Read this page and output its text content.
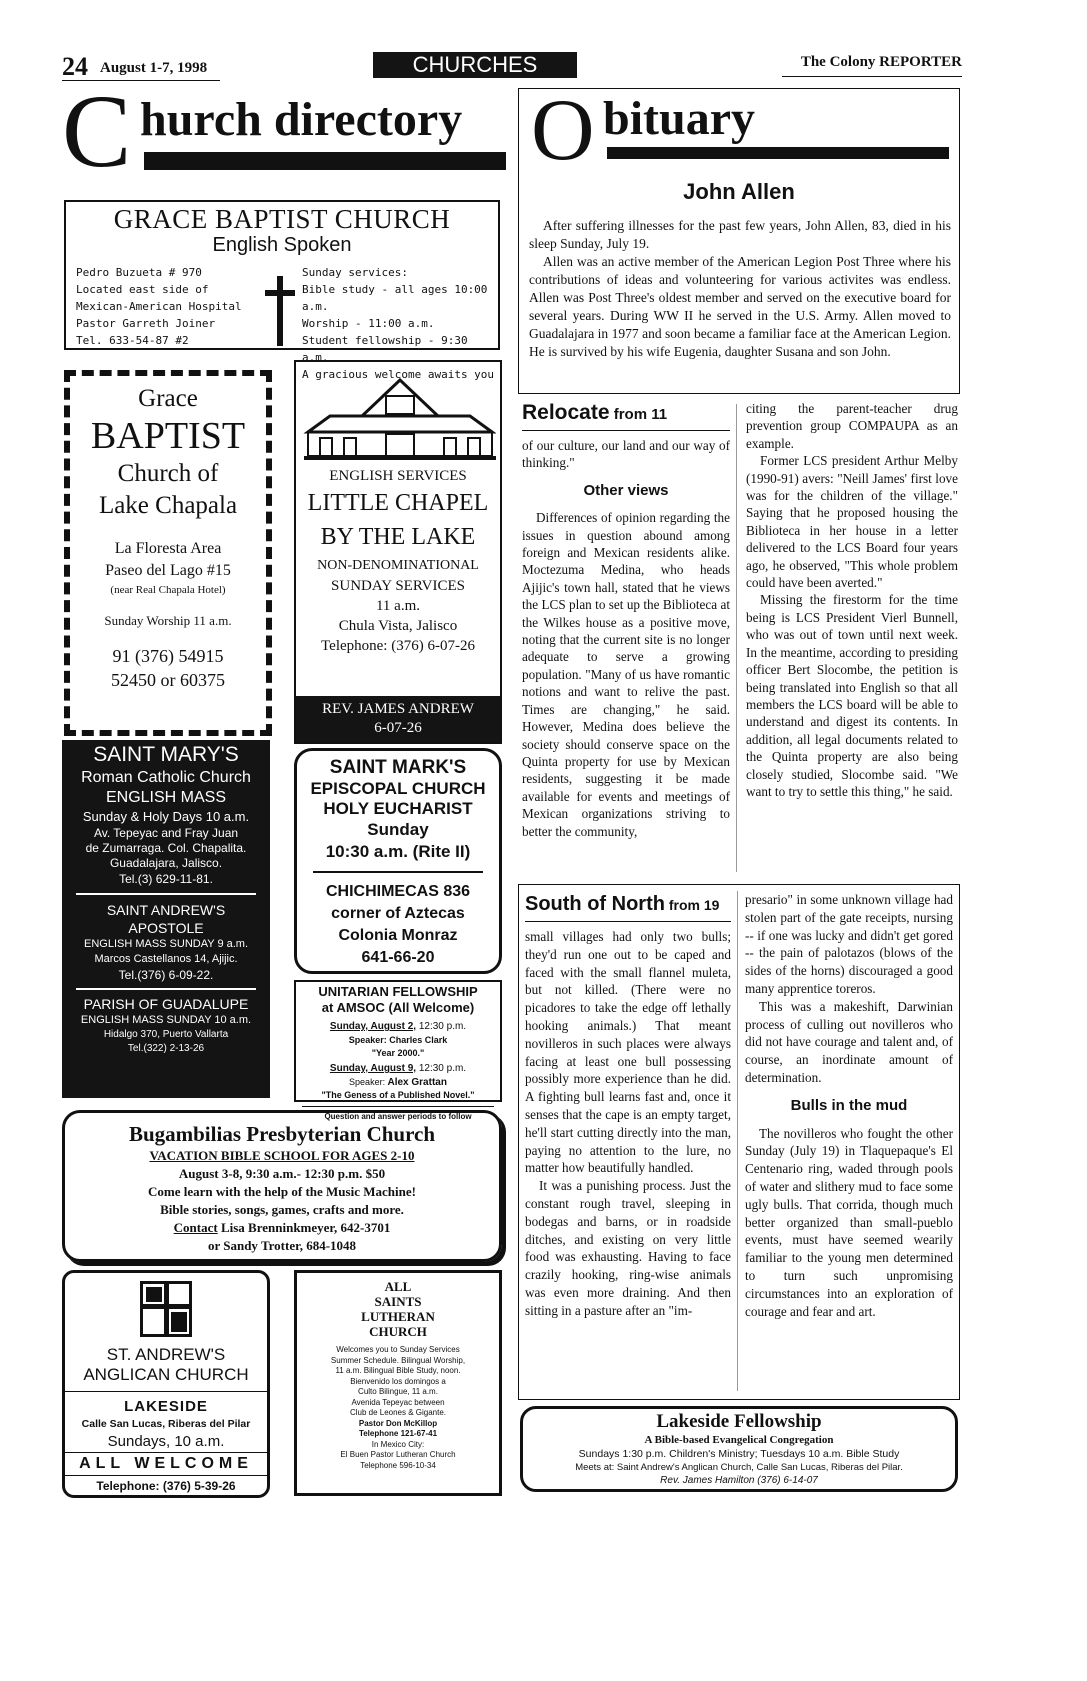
24 August 1-7, 1998	CHURCHES	The Colony REPORTER
C hurch directory
GRACE BAPTIST CHURCH
English Spoken
Pedro Buzueta # 970
Located east side of
Mexican-American Hospital
Pastor Garreth Joiner
Tel. 633-54-87 #2
Sunday services:
Bible study - all ages 10:00 a.m.
Worship - 11:00 a.m.
Student fellowship - 9:30 a.m.
A gracious welcome awaits you
Grace
BAPTIST
Church of
Lake Chapala
La Floresta Area
Paseo del Lago #15
(near Real Chapala Hotel)
Sunday Worship 11 a.m.
91 (376) 54915
52450 or 60375
ENGLISH SERVICES
LITTLE CHAPEL
BY THE LAKE
NON-DENOMINATIONAL
SUNDAY SERVICES
11 a.m.
Chula Vista, Jalisco
Telephone: (376) 6-07-26
REV. JAMES ANDREW
6-07-26
SAINT MARY'S
Roman Catholic Church
ENGLISH MASS
Sunday & Holy Days 10 a.m.
Av. Tepeyac and Fray Juan
de Zumarraga. Col. Chapalita.
Guadalajara, Jalisco.
Tel.(3) 629-11-81.
SAINT ANDREW'S
APOSTOLE
ENGLISH MASS SUNDAY 9 a.m.
Marcos Castellanos 14, Ajijic.
Tel.(376) 6-09-22.
PARISH OF GUADALUPE
ENGLISH MASS SUNDAY 10 a.m.
Hidalgo 370, Puerto Vallarta
Tel.(322) 2-13-26
SAINT MARK'S
EPISCOPAL CHURCH
HOLY EUCHARIST
Sunday
10:30 a.m. (Rite II)
CHICHIMECAS 836
corner of Aztecas
Colonia Monraz
641-66-20
UNITARIAN FELLOWSHIP
at AMSOC (All Welcome)
Sunday, August 2, 12:30 p.m.
Speaker: Charles Clark
"Year 2000."
Sunday, August 9, 12:30 p.m.
Speaker: Alex Grattan
"The Geness of a Published Novel."
Question and answer periods to follow
Bugambilias Presbyterian Church
VACATION BIBLE SCHOOL FOR AGES 2-10
August 3-8, 9:30 a.m.- 12:30 p.m. $50
Come learn with the help of the Music Machine!
Bible stories, songs, games, crafts and more.
Contact Lisa Brenninkmeyer, 642-3701
or Sandy Trotter, 684-1048
ST. ANDREW'S
ANGLICAN CHURCH
LAKESIDE
Calle San Lucas, Riberas del Pilar
Sundays, 10 a.m.
ALL WELCOME
Telephone: (376) 5-39-26
ALL
SAINTS
LUTHERAN
CHURCH
Welcomes you to Sunday Services
Summer Schedule. Bilingual Worship,
11 a.m. Bilingual Bible Study, noon.
Bienvenido los domingos a
Culto Bilingue, 11 a.m.
Avenida Tepeyac between
Club de Leones & Gigante.
Pastor Don McKillop
Telephone 121-67-41
In Mexico City:
El Buen Pastor Lutheran Church
Telephone 596-10-34
O bituary
John Allen

After suffering illnesses for the past few years, John Allen, 83, died in his sleep Sunday, July 19.

Allen was an active member of the American Legion Post Three where his contributions of ideas and volunteering for various activites was endless. Allen was Post Three's oldest member and served on the executive board for several years. During WW II he served in the U.S. Army. Allen moved to Guadalajara in 1977 and soon became a familiar face at the American Legion. He is survived by his wife Eugenia, daughter Susana and son John.

Relocate from 11

of our culture, our land and our way of thinking."

Other views

Differences of opinion regarding the issues in question abound among foreign and Mexican residents alike. Moctezuma Medina, who heads Ajijic's town hall, stated that he views the LCS plan to set up the Biblioteca at the Wilkes house as a positive move, noting that the current site is no longer adequate to serve a growing population. "Many of us have romantic notions and want to relive the past. Times are changing," he said. However, Medina does believe the society should conserve space on the Quinta property for use by Mexican residents, suggesting it be made available for events and meetings of Mexican organizations striving to better the community,

citing the parent-teacher drug prevention group COMPAUPA as an example.

Former LCS president Arthur Melby (1990-91) avers: "Neill James' first love was for the children of the village." Saying that he proposed housing the Biblioteca in her house in a letter delivered to the LCS Board four years ago, he observed, "This whole problem could have been averted."

Missing the firestorm for the time being is LCS President Vierl Bunnell, who was out of town until next week. In the meantime, according to presiding officer Bert Slocombe, the petition is being translated into English so that all members the LCS board will be able to understand and digest its contents. In addition, all legal documents related to the Quinta property are also being closely studied, Slocombe said. "We want to try to settle this thing," he said.

South of North from 19

small villages had only two bulls; they'd run one out to be caped and faced with the small flannel muleta, but not killed. (There were no picadores to take the edge off lethally hooking animals.) That meant novilleros in such places were always facing at least one bull possessing possibly more experience than he did. A fighting bull learns fast and, once it senses that the cape is an empty target, he'll start cutting directly into the man, paying no attention to the lure, no matter how beautifully handled.

It was a punishing process. Just the constant rough travel, sleeping in bodegas and barns, or in roadside ditches, and existing on very little food was exhausting. Having to face crazily hooking, ring-wise animals was even more draining. And then sitting in a pasture after an "im-

presario" in some unknown village had stolen part of the gate receipts, nursing -- if one was lucky and didn't get gored -- the pain of palotazos (blows of the sides of the horns) discouraged a good many apprentice toreros.

This was a makeshift, Darwinian process of culling out novilleros who did not have courage and talent and, of course, an inordinate amount of determination.

Bulls in the mud

The novilleros who fought the other Sunday (July 19) in Tlaquepaque's El Centenario ring, waded through pools of water and slithery mud to face some ugly bulls. That corrida, though much better organized than small-pueblo events, must have seemed wearily familiar to the young men determined to turn such unpromising circumstances into an exploration of courage and fear and art.

Lakeside Fellowship
A Bible-based Evangelical Congregation
Sundays 1:30 p.m. Children's Ministry; Tuesdays 10 a.m. Bible Study
Meets at: Saint Andrew's Anglican Church, Calle San Lucas, Riberas del Pilar.
Rev. James Hamilton (376) 6-14-07
